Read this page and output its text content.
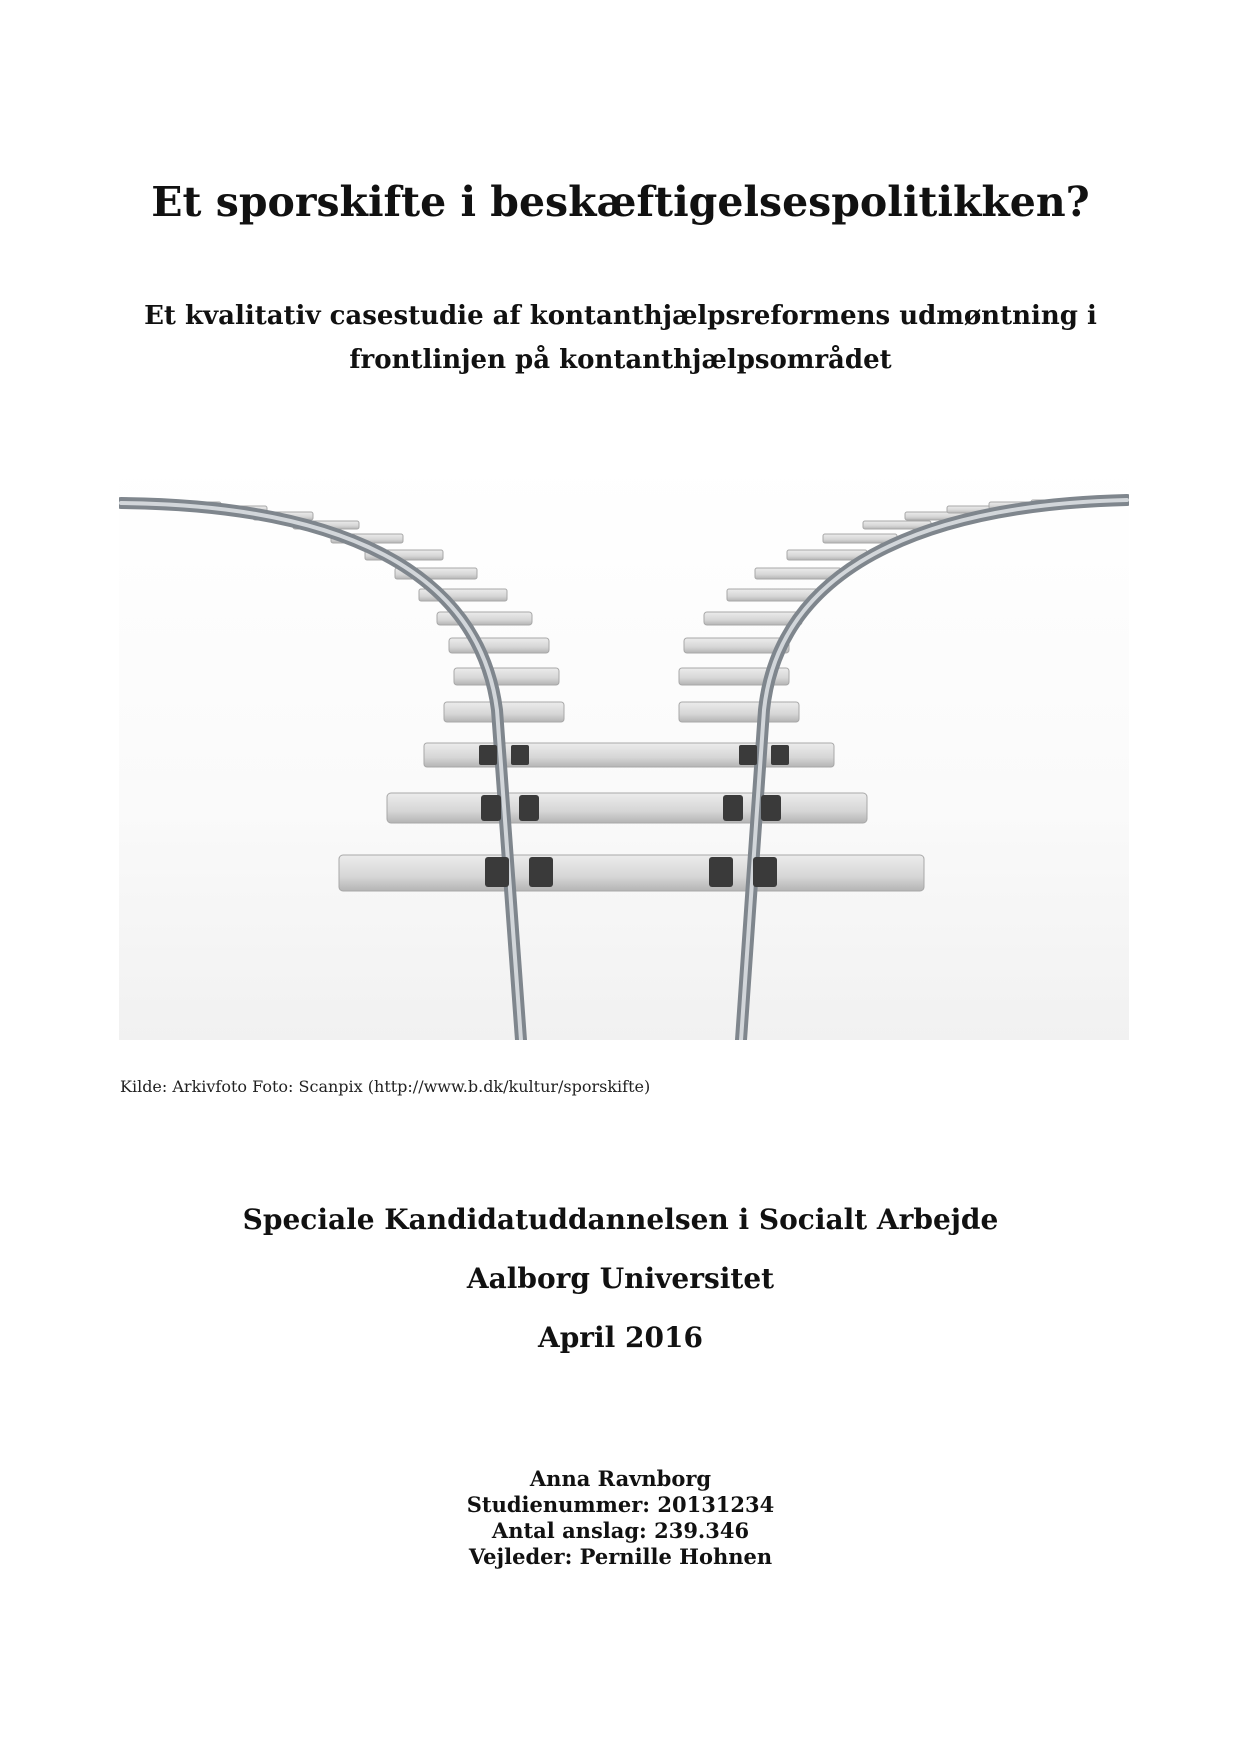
Et sporskifte i beskæftigelsespolitikken?
Et kvalitativ casestudie af kontanthjælpsreformens udmøntning i
frontlinjen på kontanthjælpsområdet

Kilde: Arkivfoto Foto: Scanpix (http://www.b.dk/kultur/sporskifte)

Speciale Kandidatuddannelsen i Socialt Arbejde

Aalborg Universitet

April 2016

Anna Ravnborg
Studienummer: 20131234
Antal anslag: 239.346
Vejleder: Pernille Hohnen
